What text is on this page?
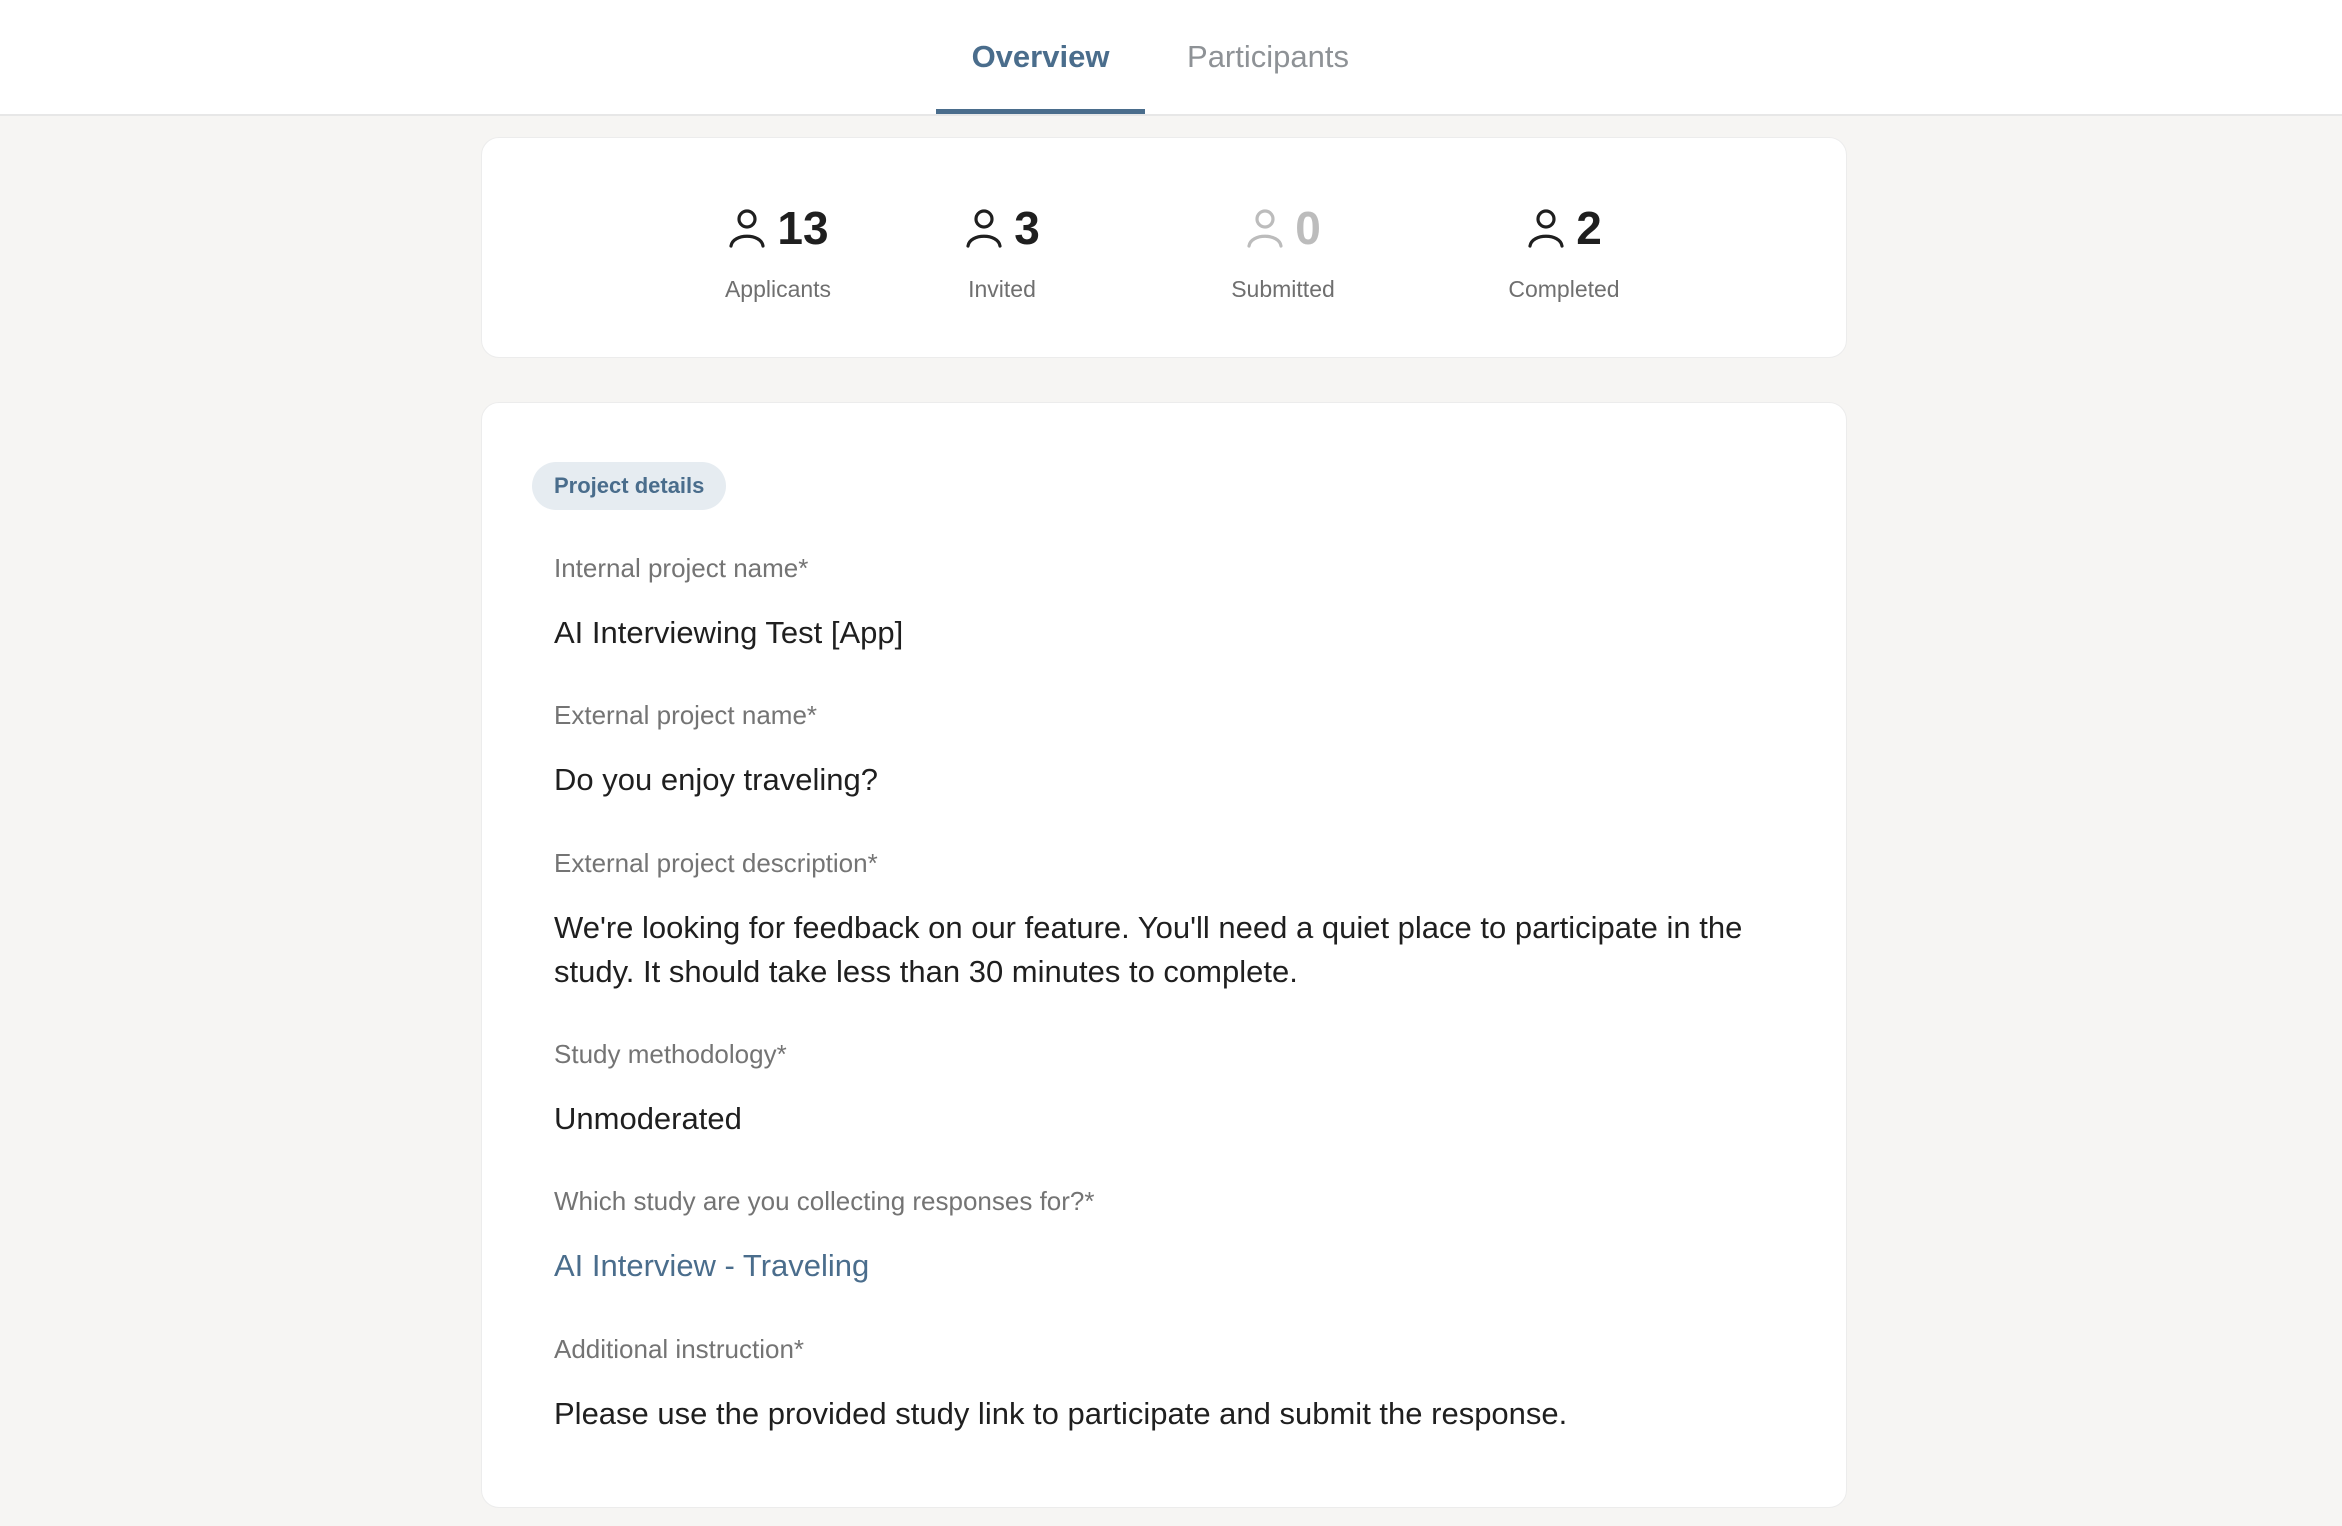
Overview	Participants
13
Applicants
3
Invited
0
Submitted
2
Completed
Project details
Internal project name*
AI Interviewing Test [App]
External project name*
Do you enjoy traveling?
External project description*
We're looking for feedback on our feature. You'll need a quiet place to participate in the study. It should take less than 30 minutes to complete.
Study methodology*
Unmoderated
Which study are you collecting responses for?*
AI Interview - Traveling
Additional instruction*
Please use the provided study link to participate and submit the response.
